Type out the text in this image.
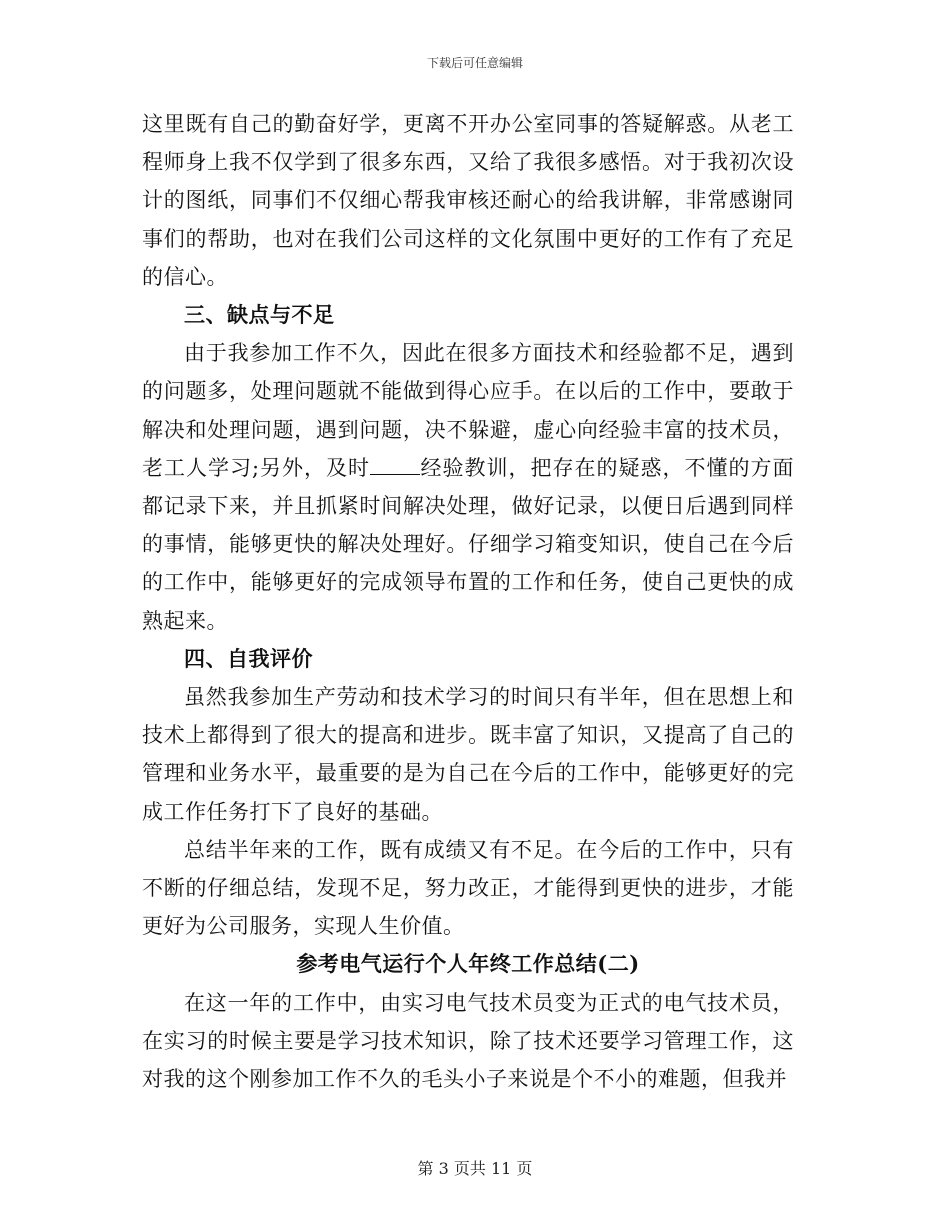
下载后可任意编辑

这里既有自己的勤奋好学，更离不开办公室同事的答疑解惑。从老工程师身上我不仅学到了很多东西，又给了我很多感悟。对于我初次设计的图纸，同事们不仅细心帮我审核还耐心的给我讲解，非常感谢同事们的帮助，也对在我们公司这样的文化氛围中更好的工作有了充足的信心。

三、缺点与不足

由于我参加工作不久，因此在很多方面技术和经验都不足，遇到的问题多，处理问题就不能做到得心应手。在以后的工作中，要敢于解决和处理问题，遇到问题，决不躲避，虚心向经验丰富的技术员，老工人学习;另外，及时 经验教训，把存在的疑惑，不懂的方面都记录下来，并且抓紧时间解决处理，做好记录，以便日后遇到同样的事情，能够更快的解决处理好。仔细学习箱变知识，使自己在今后的工作中，能够更好的完成领导布置的工作和任务，使自己更快的成熟起来。

四、自我评价

虽然我参加生产劳动和技术学习的时间只有半年，但在思想上和技术上都得到了很大的提高和进步。既丰富了知识，又提高了自己的管理和业务水平，最重要的是为自己在今后的工作中，能够更好的完成工作任务打下了良好的基础。

总结半年来的工作，既有成绩又有不足。在今后的工作中，只有不断的仔细总结，发现不足，努力改正，才能得到更快的进步，才能更好为公司服务，实现人生价值。

参考电气运行个人年终工作总结(二)

在这一年的工作中，由实习电气技术员变为正式的电气技术员，在实习的时候主要是学习技术知识，除了技术还要学习管理工作，这对我的这个刚参加工作不久的毛头小子来说是个不小的难题，但我并

第 3 页共 11 页
